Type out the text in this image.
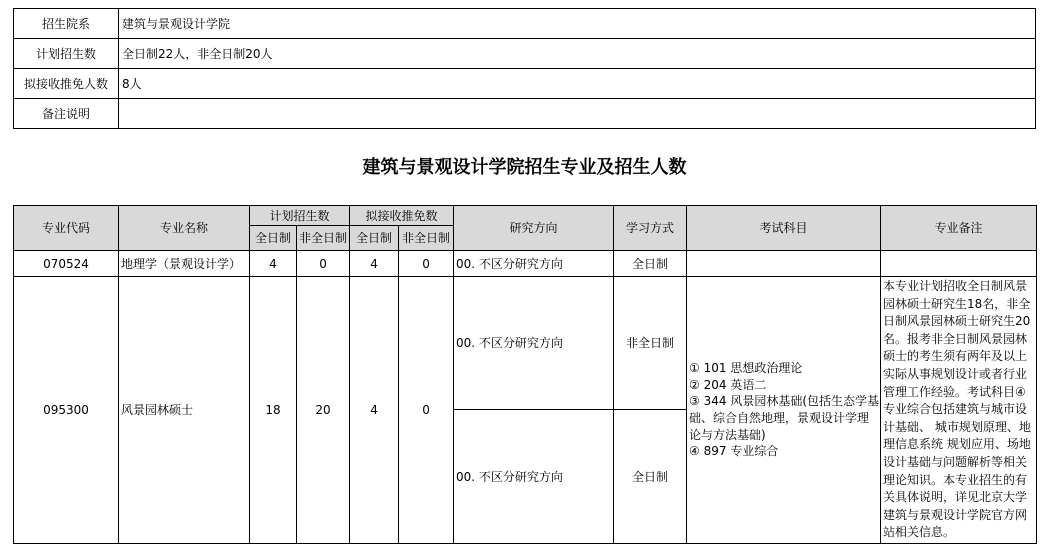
招生院系	建筑与景观设计学院
计划招生数	全日制22人，非全日制20人
拟接收推免人数	8人
备注说明	
建筑与景观设计学院招生专业及招生人数
专业代码	专业名称	计划招生数		拟接收推免数		研究方向	学习方式	考试科目	专业备注
		全日制	非全日制	全日制	非全日制				
070524	地理学（景观设计学）	4	0	4	0	00. 不区分研究方向	全日制		
095300	风景园林硕士	18	20	4	0	00. 不区分研究方向	非全日制	① 101 思想政治理论
② 204 英语二
③ 344 风景园林基础(包括生态学基础、综合自然地理，景观设计学理论与方法基础)
④ 897 专业综合	本专业计划招收全日制风景园林硕士研究生18名，非全日制风景园林硕士研究生20名。报考非全日制风景园林硕士的考生须有两年及以上实际从事规划设计或者行业管理工作经验。考试科目④专业综合包括建筑与城市设计基础、 城市规划原理、地理信息系统 规划应用、场地设计基础与问题解析等相关理论知识。本专业招生的有关具体说明，详见北京大学建筑与景观设计学院官方网站相关信息。
						00. 不区分研究方向	全日制		
